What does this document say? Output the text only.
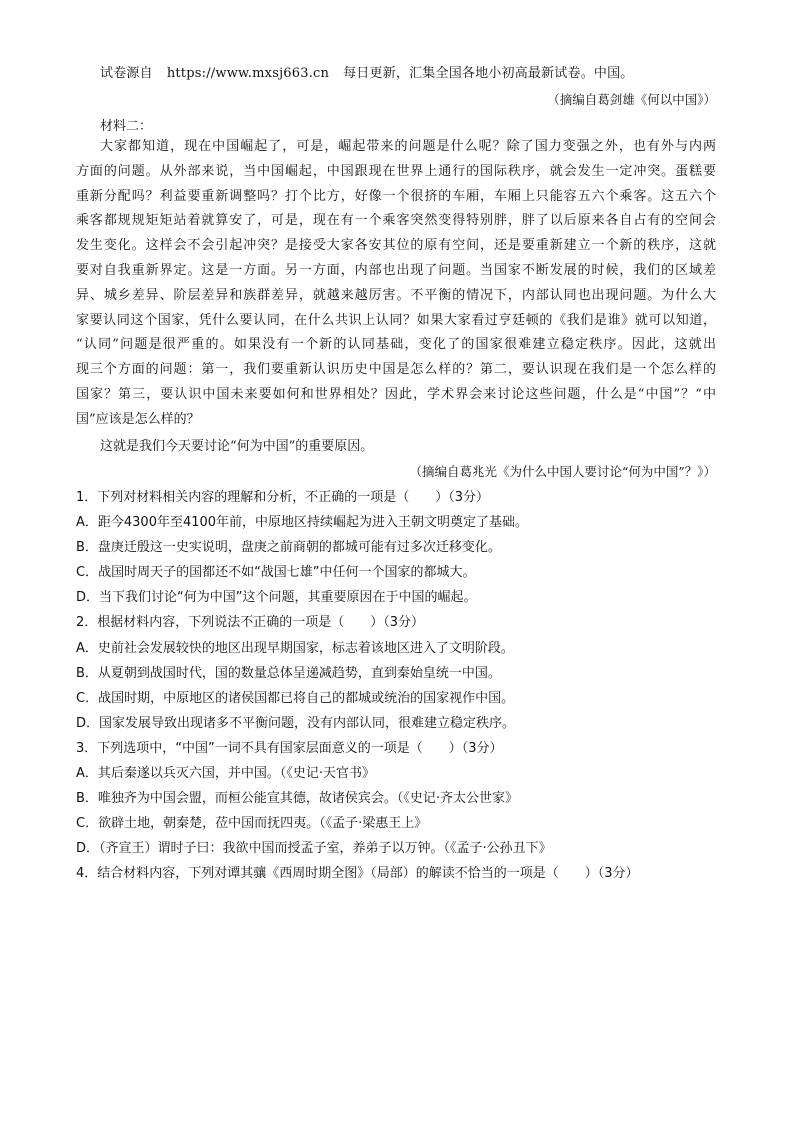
试卷源自 https://www.mxsj663.cn 每日更新，汇集全国各地小初高最新试卷。中国。
（摘编自葛剑雄《何以中国》）
材料二：
大家都知道，现在中国崛起了，可是，崛起带来的问题是什么呢？除了国力变强之外，也有外与内两
方面的问题。从外部来说，当中国崛起，中国跟现在世界上通行的国际秩序，就会发生一定冲突。蛋糕要
重新分配吗？利益要重新调整吗？打个比方，好像一个很挤的车厢，车厢上只能容五六个乘客。这五六个
乘客都规规矩矩站着就算安了，可是，现在有一个乘客突然变得特别胖，胖了以后原来各自占有的空间会
发生变化。这样会不会引起冲突？是接受大家各安其位的原有空间，还是要重新建立一个新的秩序，这就
要对自我重新界定。这是一方面。另一方面，内部也出现了问题。当国家不断发展的时候，我们的区域差
异、城乡差异、阶层差异和族群差异，就越来越厉害。不平衡的情况下，内部认同也出现问题。为什么大
家要认同这个国家，凭什么要认同，在什么共识上认同？如果大家看过亨廷顿的《我们是谁》就可以知道，
“认同”问题是很严重的。如果没有一个新的认同基础，变化了的国家很难建立稳定秩序。因此，这就出
现三个方面的问题：第一，我们要重新认识历史中国是怎么样的？第二，要认识现在我们是一个怎么样的
国家？第三，要认识中国未来要如何和世界相处？因此，学术界会来讨论这些问题，什么是“中国”？“中
国”应该是怎么样的？
这就是我们今天要讨论“何为中国”的重要原因。
（摘编自葛兆光《为什么中国人要讨论“何为中国”？》）
1．下列对材料相关内容的理解和分析，不正确的一项是（　　）（3分）
A．距今4300年至4100年前，中原地区持续崛起为进入王朝文明奠定了基础。
B．盘庚迁殷这一史实说明，盘庚之前商朝的都城可能有过多次迁移变化。
C．战国时周天子的国都还不如“战国七雄”中任何一个国家的都城大。
D．当下我们讨论“何为中国”这个问题，其重要原因在于中国的崛起。
2．根据材料内容，下列说法不正确的一项是（　　）（3分）
A．史前社会发展较快的地区出现早期国家，标志着该地区进入了文明阶段。
B．从夏朝到战国时代，国的数量总体呈递减趋势，直到秦始皇统一中国。
C．战国时期，中原地区的诸侯国都已将自己的都城或统治的国家视作中国。
D．国家发展导致出现诸多不平衡问题，没有内部认同，很难建立稳定秩序。
3．下列选项中，“中国”一词不具有国家层面意义的一项是（　　）（3分）
A．其后秦遂以兵灭六国，并中国。（《史记·天官书》
B．唯独齐为中国会盟，而桓公能宣其德，故诸侯宾会。（《史记·齐太公世家》
C．欲辟土地，朝秦楚，莅中国而抚四夷。（《孟子·梁惠王上》
D．（齐宣王）谓时子曰：我欲中国而授孟子室，养弟子以万钟。（《孟子·公孙丑下》
4．结合材料内容，下列对谭其骧《西周时期全图》（局部）的解读不恰当的一项是（　　）（3分）
